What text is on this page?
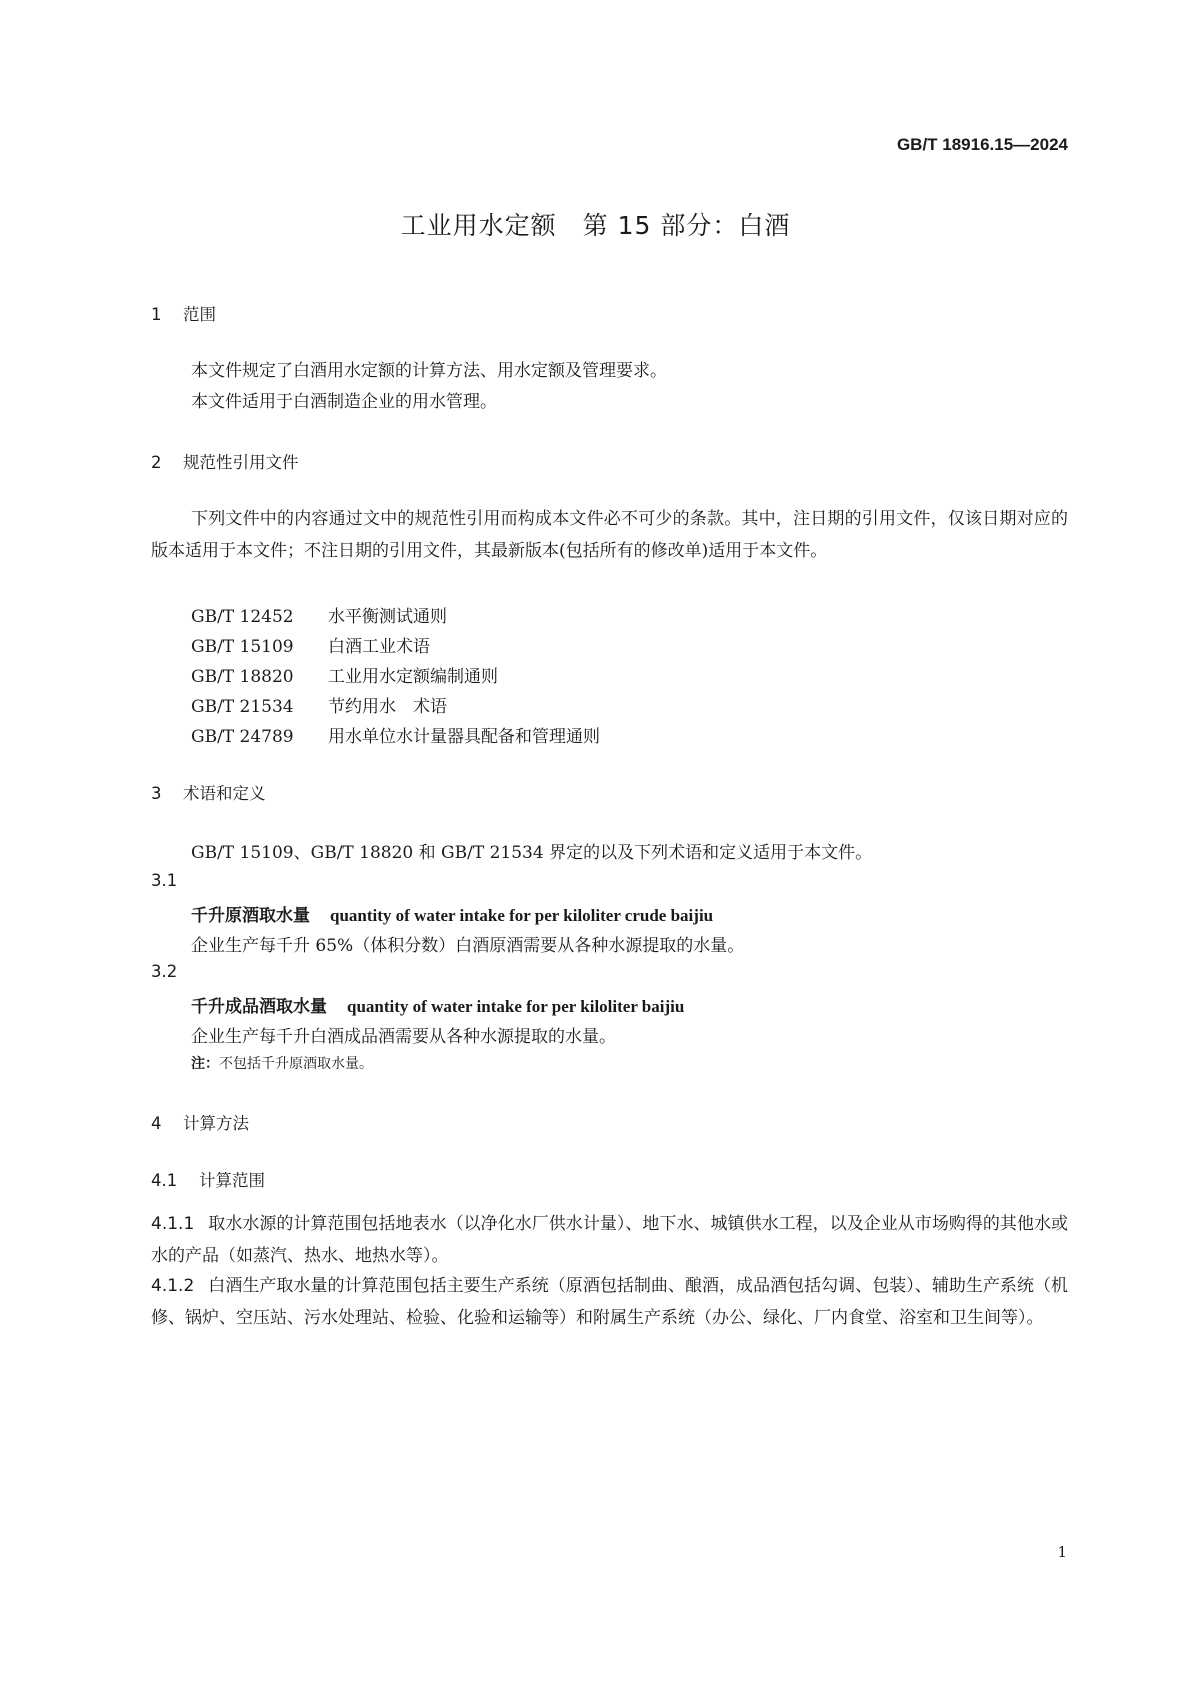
GB/T 18916.15—2024
工业用水定额　第 15 部分：白酒
1 范围
本文件规定了白酒用水定额的计算方法、用水定额及管理要求。
本文件适用于白酒制造企业的用水管理。
2 规范性引用文件
下列文件中的内容通过文中的规范性引用而构成本文件必不可少的条款。其中，注日期的引用文件，仅该日期对应的版本适用于本文件；不注日期的引用文件，其最新版本(包括所有的修改单)适用于本文件。
GB/T 12452 水平衡测试通则
GB/T 15109 白酒工业术语
GB/T 18820 工业用水定额编制通则
GB/T 21534 节约用水　术语
GB/T 24789 用水单位水计量器具配备和管理通则
3 术语和定义
GB/T 15109、GB/T 18820 和 GB/T 21534 界定的以及下列术语和定义适用于本文件。
3.1
千升原酒取水量 quantity of water intake for per kiloliter crude baijiu
企业生产每千升 65%（体积分数）白酒原酒需要从各种水源提取的水量。
3.2
千升成品酒取水量 quantity of water intake for per kiloliter baijiu
企业生产每千升白酒成品酒需要从各种水源提取的水量。
注：不包括千升原酒取水量。
4 计算方法
4.1 计算范围
4.1.1 取水水源的计算范围包括地表水（以净化水厂供水计量）、地下水、城镇供水工程，以及企业从市场购得的其他水或水的产品（如蒸汽、热水、地热水等）。
4.1.2 白酒生产取水量的计算范围包括主要生产系统（原酒包括制曲、酿酒，成品酒包括勾调、包装）、辅助生产系统（机修、锅炉、空压站、污水处理站、检验、化验和运输等）和附属生产系统（办公、绿化、厂内食堂、浴室和卫生间等）。
1
